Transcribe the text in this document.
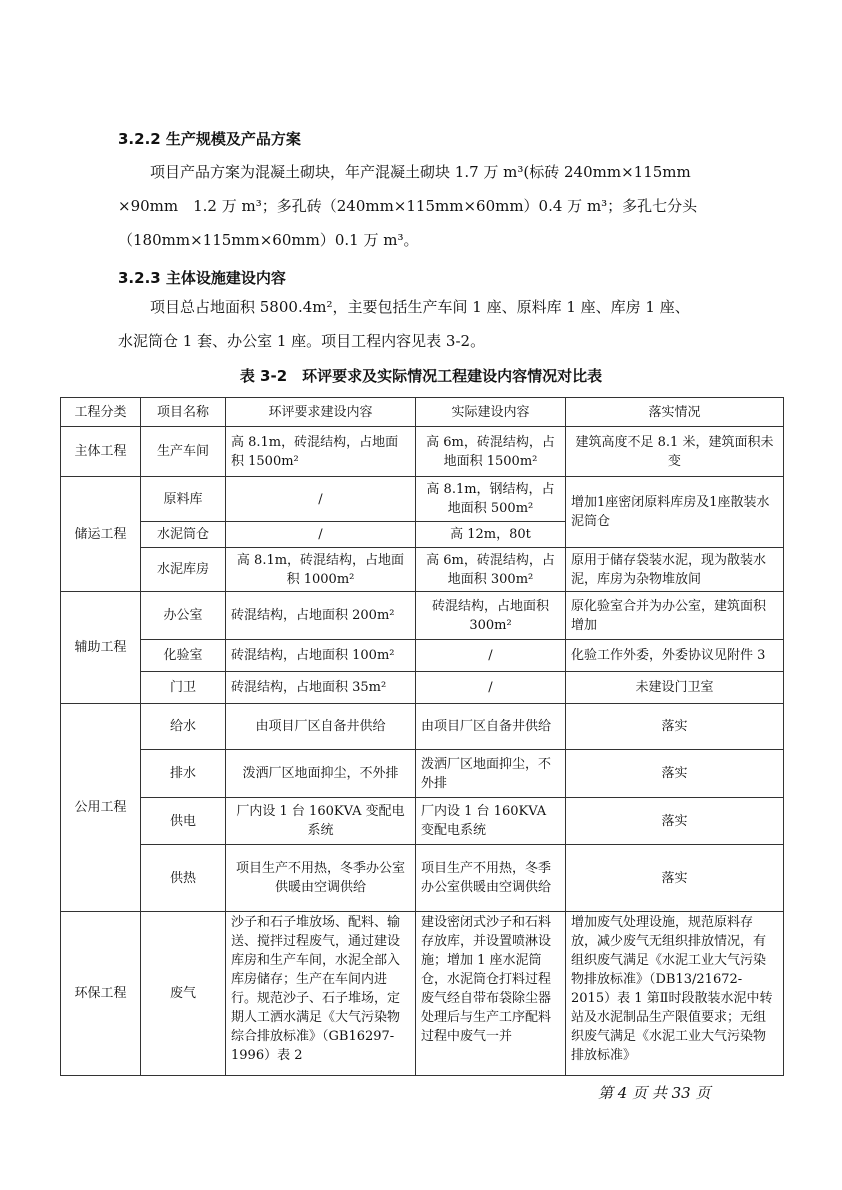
3.2.2 生产规模及产品方案
项目产品方案为混凝土砌块，年产混凝土砌块 1.7 万 m³(标砖 240mm×115mm
×90mm　1.2 万 m³；多孔砖（240mm×115mm×60mm）0.4 万 m³；多孔七分头
（180mm×115mm×60mm）0.1 万 m³。
3.2.3 主体设施建设内容
项目总占地面积 5800.4m²，主要包括生产车间 1 座、原料库 1 座、库房 1 座、
水泥筒仓 1 套、办公室 1 座。项目工程内容见表 3-2。
表 3-2　环评要求及实际情况工程建设内容情况对比表
工程分类	项目名称	环评要求建设内容	实际建设内容	落实情况
主体工程	生产车间	高 8.1m，砖混结构，占地面积 1500m²	高 6m，砖混结构，占地面积 1500m²	建筑高度不足 8.1 米，建筑面积未变
储运工程	原料库	/	高 8.1m，钢结构，占地面积 500m²	增加1座密闭原料库房及1座散装水泥筒仓
	水泥筒仓	/	高 12m，80t	
	水泥库房	高 8.1m，砖混结构，占地面积 1000m²	高 6m，砖混结构，占地面积 300m²	原用于储存袋装水泥，现为散装水泥，库房为杂物堆放间
辅助工程	办公室	砖混结构，占地面积 200m²	砖混结构，占地面积 300m²	原化验室合并为办公室，建筑面积增加
	化验室	砖混结构，占地面积 100m²	/	化验工作外委，外委协议见附件 3
	门卫	砖混结构，占地面积 35m²	/	未建设门卫室
公用工程	给水	由项目厂区自备井供给	由项目厂区自备井供给	落实
	排水	泼洒厂区地面抑尘，不外排	泼洒厂区地面抑尘，不外排	落实
	供电	厂内设 1 台 160KVA 变配电系统	厂内设 1 台 160KVA 变配电系统	落实
	供热	项目生产不用热，冬季办公室供暖由空调供给	项目生产不用热，冬季办公室供暖由空调供给	落实
环保工程	废气	沙子和石子堆放场、配料、输送、搅拌过程废气，通过建设库房和生产车间，水泥全部入库房储存；生产在车间内进行。规范沙子、石子堆场，定期人工洒水满足《大气污染物综合排放标准》（GB16297-1996）表 2	建设密闭式沙子和石料存放库，并设置喷淋设施；增加 1 座水泥筒仓，水泥筒仓打料过程废气经自带布袋除尘器处理后与生产工序配料过程中废气一并	增加废气处理设施，规范原料存放，减少废气无组织排放情况，有组织废气满足《水泥工业大气污染物排放标准》（DB13/21672-2015）表 1 第Ⅱ时段散装水泥中转站及水泥制品生产限值要求；无组织废气满足《水泥工业大气污染物排放标准》
第 4 页 共 33 页
